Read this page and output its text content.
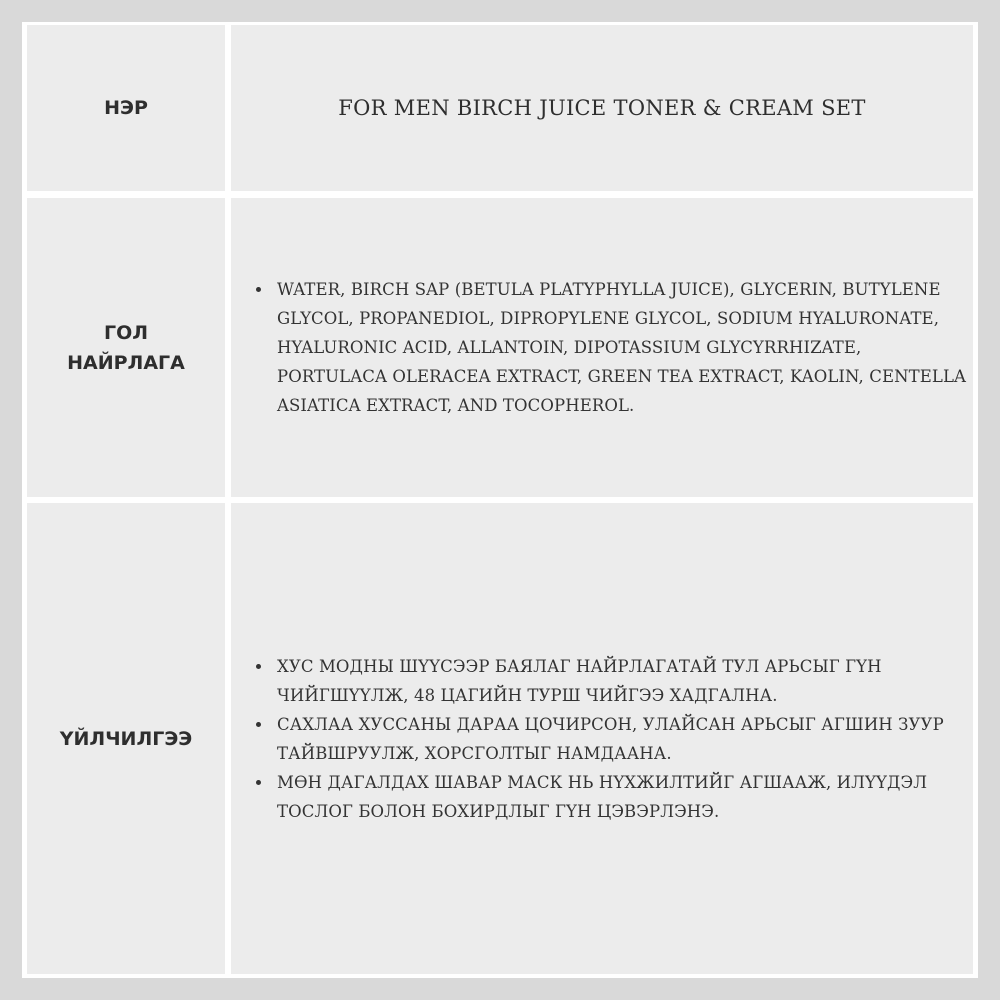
НЭР	FOR MEN BIRCH JUICE TONER & CREAM SET
ГОЛ
НАЙРЛАГА
WATER, BIRCH SAP (BETULA PLATYPHYLLA JUICE), GLYCERIN, BUTYLENE GLYCOL, PROPANEDIOL, DIPROPYLENE GLYCOL, SODIUM HYALURONATE, HYALURONIC ACID, ALLANTOIN, DIPOTASSIUM GLYCYRRHIZATE, PORTULACA OLERACEA EXTRACT, GREEN TEA EXTRACT, KAOLIN, CENTELLA ASIATICA EXTRACT, AND TOCOPHEROL.
ҮЙЛЧИЛГЭЭ
ХУС МОДНЫ ШҮҮСЭЭР БАЯЛАГ НАЙРЛАГАТАЙ ТУЛ АРЬСЫГ ГҮН ЧИЙГШҮҮЛЖ, 48 ЦАГИЙН ТУРШ ЧИЙГЭЭ ХАДГАЛНА.
САХЛАА ХУССАНЫ ДАРАА ЦОЧИРСОН, УЛАЙСАН АРЬСЫГ АГШИН ЗУУР ТАЙВШРУУЛЖ, ХОРСГОЛТЫГ НАМДААНА.
МӨН ДАГАЛДАХ ШАВАР МАСК НЬ НҮХЖИЛТИЙГ АГШААЖ, ИЛҮҮДЭЛ ТОСЛОГ БОЛОН БОХИРДЛЫГ ГҮН ЦЭВЭРЛЭНЭ.
